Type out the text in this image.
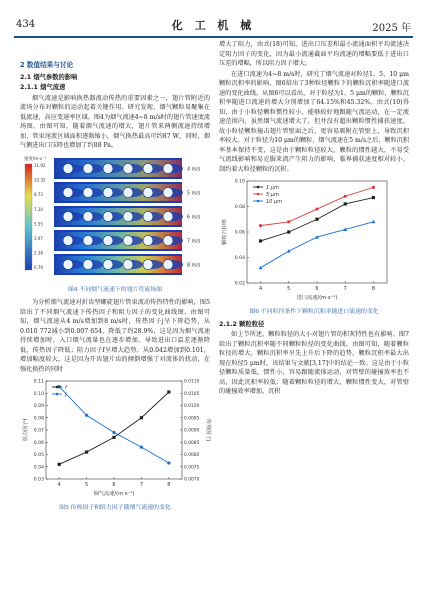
434	化 工 机 械	2025 年
2 数值结果与讨论
2.1 烟气参数的影响
2.1.1 烟气流速

烟气流速是影响换热器流动传热的重要因素之一，翅片管附近的流场分布对颗粒的运动起着关键作用。研究发现，烟气颗粒易聚集在低流速，高应变速率区域。图4为烟气流速4~8 m/s时的翅片管速度流场图。由图可知，随着烟气流速的增大，翅片管来两侧流速持续增加，管束尾流区域面积逐渐缩小，烟气换热最高可约87 W，同时，烟气侧进出口压降也增加了约88 Pa。

速度/m·s⁻¹
11.92
10.32
8.73
7.14
5.55
3.97
2.38
0.79
4 m/s
5 m/s
6 m/s
7 m/s
8 m/s
图4 不同烟气流速下的翅片管流场图

为分析烟气流速对折齿型螺旋翅片管束流动传热特性的影响，图5给出了不同烟气流速下传热因子和阻力因子的变化曲线图。由图可知，烟气流速从4 m/s增加到8 m/s时，传热因子j呈下降趋势，从0.010 772减小到0.007 654，降低了约28.9%，这是因为烟气流速持续增加时，入口烟气流量也在逐步增加，导致进出口温差逐渐降低，传热因子降低；阻力因子f呈增大趋势，从0.042增加到0.101，增加幅度较大，这是因为开齿翅片齿的倾倒增强了对流体的扰动，在强化换热的同时

4	5	6	7	8
0.03
0.04
0.05
0.06
0.07
0.08
0.09
0.10
0.11
0.0070
0.0075
0.0080
0.0085
0.0090
0.0095
0.0100
0.0105
0.0110
烟气流速/(m·s⁻¹)
阻力因子f	传热因子j
f
j
图5 传热因子和阻力因子随烟气流速的变化

增大了阻力，由式(18)可知，进出口压差和最小流通面积平均流速决定阻力因子的变化，因为最小流通截面平均流速的增幅要低于进出口压差的增幅，所以阻力因子增大。

在进口流速为4~8 m/s时，研究了烟气流速对粒径1、5、10 μm颗粒沉积率的影响，图6给出了3种粒径颗粒下的颗粒沉积率随进口流速的变化曲线。从图6可以看出，对于粒径为1、5 μm的颗粒，颗粒沉积率随进口流速的增大分别增加了64.15%和45.32%。由式(10)得知，由于小粒径颗粒惯性较小，能够较好地跟随气流运动，在一定流速范围内，虽然烟气流速增大了，但并没有超出颗粒惯性捕获速度，故小粒径颗粒撞击翅片管壁面之后，更容易吸附在管壁上，导致沉积率较大。对于粒径为10 μm的颗粒，烟气流速在5 m/s之后，颗粒沉积率基本保持不变，这是由于颗粒粒径较大，颗粒的惯性越大，不易受气流线影响和易克服来流产生阻力的影响，临界捕获速度相对较小，制约着大粒径颗粒的沉积。

4	5	6	7	8
0.02
0.04
0.06
0.08
0.10
进口流速/(m·s⁻¹)
颗粒沉积率
1 μm
5 μm
10 μm
图6 不同粒径条件下颗粒沉积率随进口流速的变化
2.1.2 颗粒粒径

如上节所述，颗粒粒径的大小对翅片管的积灰特性也有影响。图7给出了颗粒沉积率随不同颗粒粒径的变化曲线。由图可知，随着颗粒粒径的增大，颗粒沉积率呈先上升后下降的趋势，颗粒沉积率最大出现在粒径5 μm时，该结果与文献[3,17]中的结论一致。这是由于小粒径颗粒质量低，惯性小，容易跟随流体运动，对管壁的碰撞效率也不高，因此沉积率较低；随着颗粒粒径的增大，颗粒惯性变大，对管壁的碰撞效率增加，沉积
